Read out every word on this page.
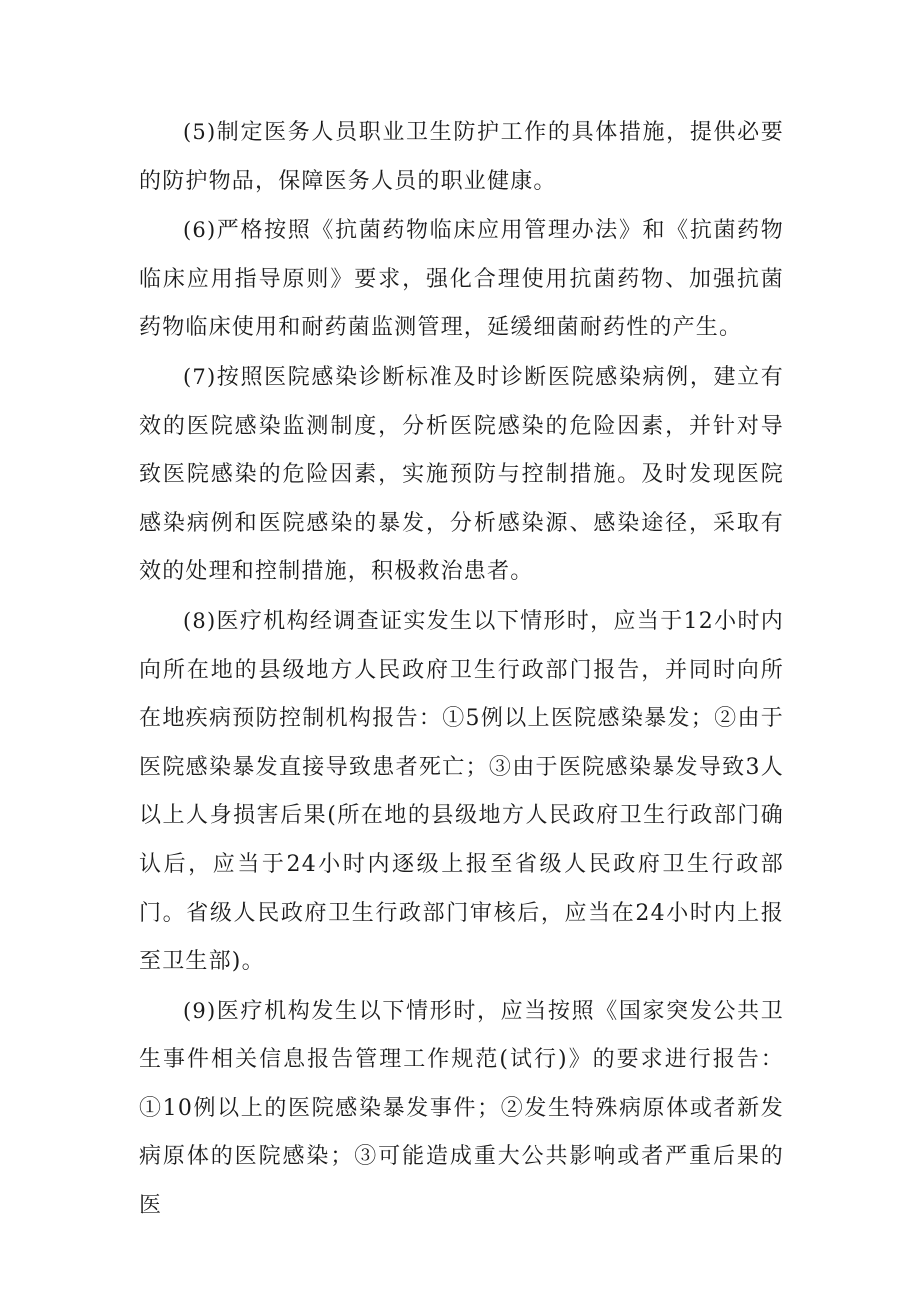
(5)制定医务人员职业卫生防护工作的具体措施，提供必要的防护物品，保障医务人员的职业健康。

(6)严格按照《抗菌药物临床应用管理办法》和《抗菌药物临床应用指导原则》要求，强化合理使用抗菌药物、加强抗菌药物临床使用和耐药菌监测管理，延缓细菌耐药性的产生。

(7)按照医院感染诊断标准及时诊断医院感染病例，建立有效的医院感染监测制度，分析医院感染的危险因素，并针对导致医院感染的危险因素，实施预防与控制措施。及时发现医院感染病例和医院感染的暴发，分析感染源、感染途径，采取有效的处理和控制措施，积极救治患者。

(8)医疗机构经调查证实发生以下情形时，应当于12小时内向所在地的县级地方人民政府卫生行政部门报告，并同时向所在地疾病预防控制机构报告：①5例以上医院感染暴发；②由于医院感染暴发直接导致患者死亡；③由于医院感染暴发导致3人以上人身损害后果(所在地的县级地方人民政府卫生行政部门确认后，应当于24小时内逐级上报至省级人民政府卫生行政部门。省级人民政府卫生行政部门审核后，应当在24小时内上报至卫生部)。

(9)医疗机构发生以下情形时，应当按照《国家突发公共卫生事件相关信息报告管理工作规范(试行)》的要求进行报告：①10例以上的医院感染暴发事件；②发生特殊病原体或者新发病原体的医院感染；③可能造成重大公共影响或者严重后果的医
